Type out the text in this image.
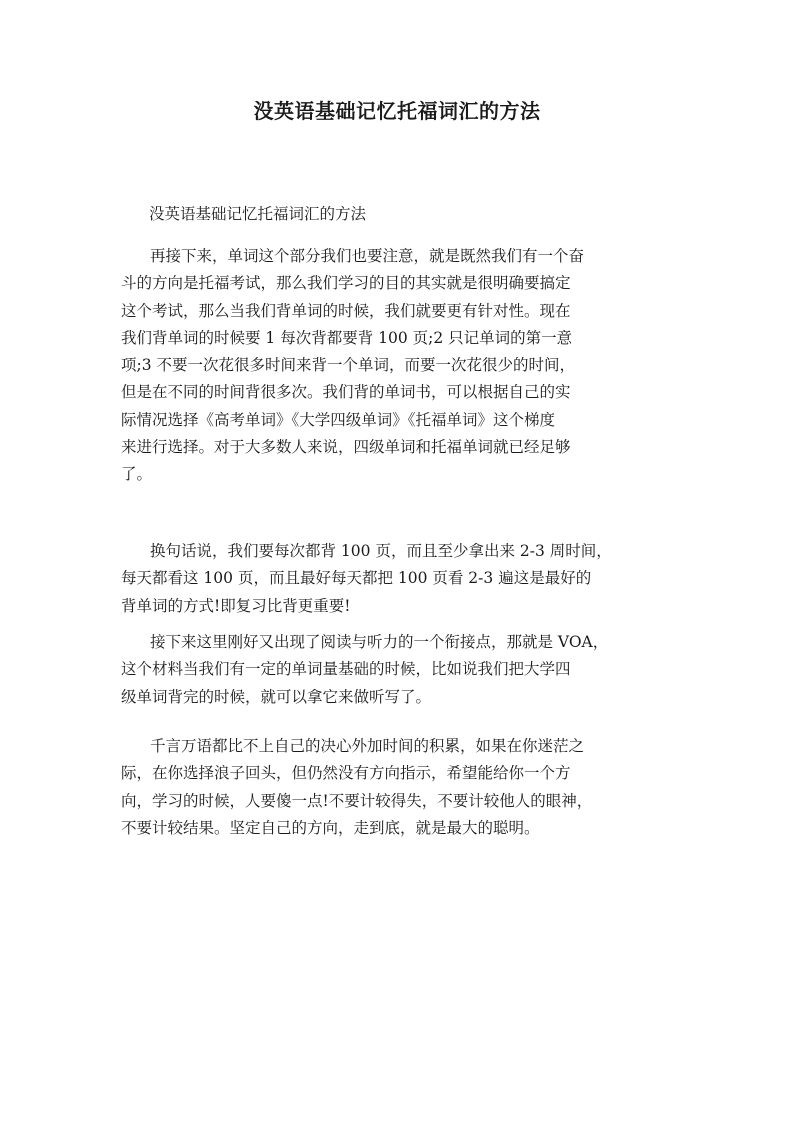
没英语基础记忆托福词汇的方法
没英语基础记忆托福词汇的方法
再接下来，单词这个部分我们也要注意，就是既然我们有一个奋
斗的方向是托福考试，那么我们学习的目的其实就是很明确要搞定
这个考试，那么当我们背单词的时候，我们就要更有针对性。现在
我们背单词的时候要 1 每次背都要背 100 页;2 只记单词的第一意
项;3 不要一次花很多时间来背一个单词，而要一次花很少的时间，
但是在不同的时间背很多次。我们背的单词书，可以根据自己的实
际情况选择《高考单词》《大学四级单词》《托福单词》这个梯度
来进行选择。对于大多数人来说，四级单词和托福单词就已经足够
了。
换句话说，我们要每次都背 100 页，而且至少拿出来 2-3 周时间，
每天都看这 100 页，而且最好每天都把 100 页看 2-3 遍这是最好的
背单词的方式!即复习比背更重要!
接下来这里刚好又出现了阅读与听力的一个衔接点，那就是 VOA，
这个材料当我们有一定的单词量基础的时候，比如说我们把大学四
级单词背完的时候，就可以拿它来做听写了。
千言万语都比不上自己的决心外加时间的积累，如果在你迷茫之
际，在你选择浪子回头，但仍然没有方向指示，希望能给你一个方
向，学习的时候，人要傻一点!不要计较得失，不要计较他人的眼神，
不要计较结果。坚定自己的方向，走到底，就是最大的聪明。
